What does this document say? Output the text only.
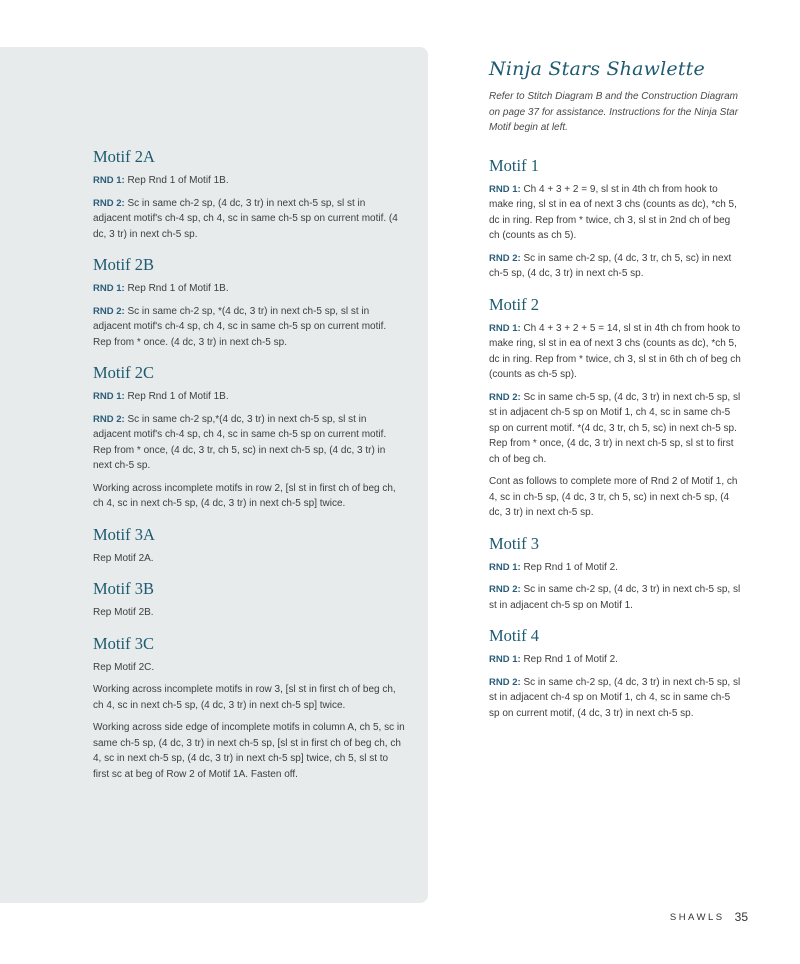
Motif 2A

RND 1: Rep Rnd 1 of Motif 1B.

RND 2: Sc in same ch-2 sp, (4 dc, 3 tr) in next ch-5 sp, sl st in adjacent motif's ch-4 sp, ch 4, sc in same ch-5 sp on current motif. (4 dc, 3 tr) in next ch-5 sp.

Motif 2B

RND 1: Rep Rnd 1 of Motif 1B.

RND 2: Sc in same ch-2 sp, *(4 dc, 3 tr) in next ch-5 sp, sl st in adjacent motif's ch-4 sp, ch 4, sc in same ch-5 sp on current motif. Rep from * once. (4 dc, 3 tr) in next ch-5 sp.

Motif 2C

RND 1: Rep Rnd 1 of Motif 1B.

RND 2: Sc in same ch-2 sp,*(4 dc, 3 tr) in next ch-5 sp, sl st in adjacent motif's ch-4 sp, ch 4, sc in same ch-5 sp on current motif. Rep from * once, (4 dc, 3 tr, ch 5, sc) in next ch-5 sp, (4 dc, 3 tr) in next ch-5 sp.

Working across incomplete motifs in row 2, [sl st in first ch of beg ch, ch 4, sc in next ch-5 sp, (4 dc, 3 tr) in next ch-5 sp] twice.

Motif 3A

Rep Motif 2A.

Motif 3B

Rep Motif 2B.

Motif 3C

Rep Motif 2C.

Working across incomplete motifs in row 3, [sl st in first ch of beg ch, ch 4, sc in next ch-5 sp, (4 dc, 3 tr) in next ch-5 sp] twice.

Working across side edge of incomplete motifs in column A, ch 5, sc in same ch-5 sp, (4 dc, 3 tr) in next ch-5 sp, [sl st in first ch of beg ch, ch 4, sc in next ch-5 sp, (4 dc, 3 tr) in next ch-5 sp] twice, ch 5, sl st to first sc at beg of Row 2 of Motif 1A. Fasten off.

Ninja Stars Shawlette

Refer to Stitch Diagram B and the Construction Diagram on page 37 for assistance. Instructions for the Ninja Star Motif begin at left.

Motif 1

RND 1: Ch 4 + 3 + 2 = 9, sl st in 4th ch from hook to make ring, sl st in ea of next 3 chs (counts as dc), *ch 5, dc in ring. Rep from * twice, ch 3, sl st in 2nd ch of beg ch (counts as ch 5).

RND 2: Sc in same ch-2 sp, (4 dc, 3 tr, ch 5, sc) in next ch-5 sp, (4 dc, 3 tr) in next ch-5 sp.

Motif 2

RND 1: Ch 4 + 3 + 2 + 5 = 14, sl st in 4th ch from hook to make ring, sl st in ea of next 3 chs (counts as dc), *ch 5, dc in ring. Rep from * twice, ch 3, sl st in 6th ch of beg ch (counts as ch-5 sp).

RND 2: Sc in same ch-5 sp, (4 dc, 3 tr) in next ch-5 sp, sl st in adjacent ch-5 sp on Motif 1, ch 4, sc in same ch-5 sp on current motif. *(4 dc, 3 tr, ch 5, sc) in next ch-5 sp. Rep from * once, (4 dc, 3 tr) in next ch-5 sp, sl st to first ch of beg ch.

Cont as follows to complete more of Rnd 2 of Motif 1, ch 4, sc in ch-5 sp, (4 dc, 3 tr, ch 5, sc) in next ch-5 sp, (4 dc, 3 tr) in next ch-5 sp.

Motif 3

RND 1: Rep Rnd 1 of Motif 2.

RND 2: Sc in same ch-2 sp, (4 dc, 3 tr) in next ch-5 sp, sl st in adjacent ch-5 sp on Motif 1.

Motif 4

RND 1: Rep Rnd 1 of Motif 2.

RND 2: Sc in same ch-2 sp, (4 dc, 3 tr) in next ch-5 sp, sl st in adjacent ch-4 sp on Motif 1, ch 4, sc in same ch-5 sp on current motif, (4 dc, 3 tr) in next ch-5 sp.

SHAWLS 35
